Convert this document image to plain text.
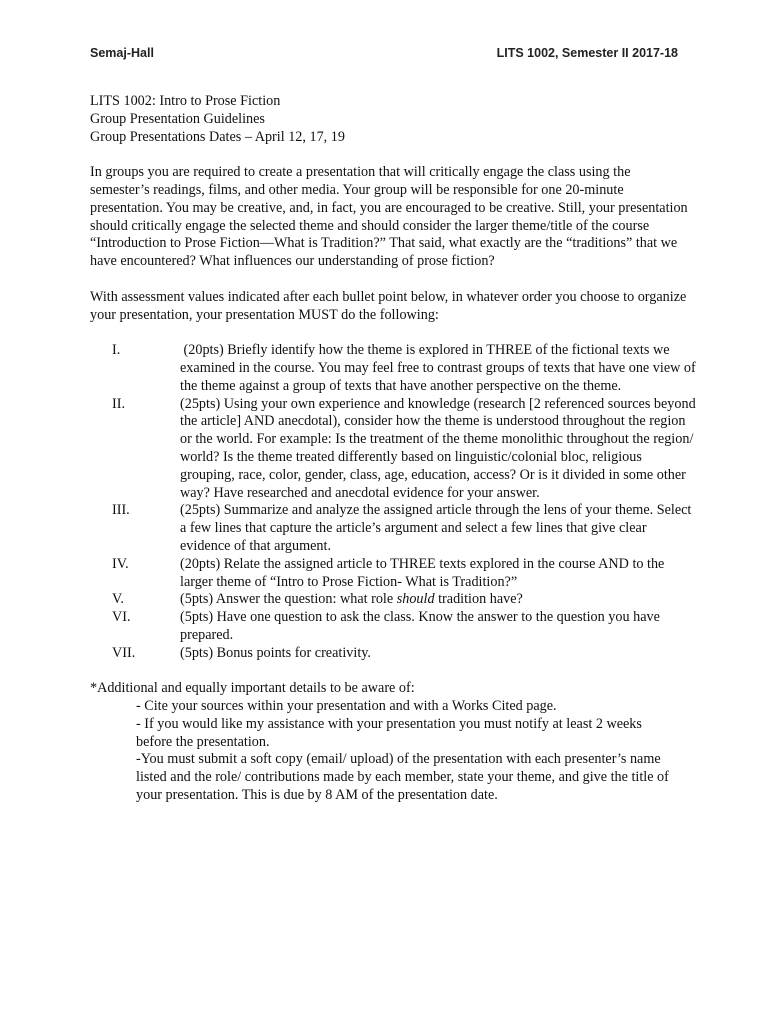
Semaj-Hall	LITS 1002, Semester II 2017-18

LITS 1002: Intro to Prose Fiction

Group Presentation Guidelines

Group Presentations Dates – April 12, 17, 19

In groups you are required to create a presentation that will critically engage the class using the semester’s readings, films, and other media. Your group will be responsible for one 20-minute presentation. You may be creative, and, in fact, you are encouraged to be creative. Still, your presentation should critically engage the selected theme and should consider the larger theme/title of the course “Introduction to Prose Fiction—What is Tradition?” That said, what exactly are the “traditions” that we have encountered? What influences our understanding of prose fiction?

With assessment values indicated after each bullet point below, in whatever order you choose to organize your presentation, your presentation MUST do the following:

I.	(20pts) Briefly identify how the theme is explored in THREE of the fictional texts we examined in the course. You may feel free to contrast groups of texts that have one view of the theme against a group of texts that have another perspective on the theme.
II.	(25pts) Using your own experience and knowledge (research [2 referenced sources beyond the article] AND anecdotal), consider how the theme is understood throughout the region or the world. For example: Is the treatment of the theme monolithic throughout the region/ world? Is the theme treated differently based on linguistic/colonial bloc, religious grouping, race, color, gender, class, age, education, access? Or is it divided in some other way? Have researched and anecdotal evidence for your answer.
III.	(25pts) Summarize and analyze the assigned article through the lens of your theme. Select a few lines that capture the article’s argument and select a few lines that give clear evidence of that argument.
IV.	(20pts) Relate the assigned article to THREE texts explored in the course AND to the larger theme of “Intro to Prose Fiction- What is Tradition?”
V.	(5pts) Answer the question: what role should tradition have?
VI.	(5pts) Have one question to ask the class. Know the answer to the question you have prepared.
VII.	(5pts) Bonus points for creativity.

*Additional and equally important details to be aware of:

- Cite your sources within your presentation and with a Works Cited page.
- If you would like my assistance with your presentation you must notify at least 2 weeks before the presentation.
-You must submit a soft copy (email/ upload) of the presentation with each presenter’s name listed and the role/ contributions made by each member, state your theme, and give the title of your presentation. This is due by 8 AM of the presentation date.
